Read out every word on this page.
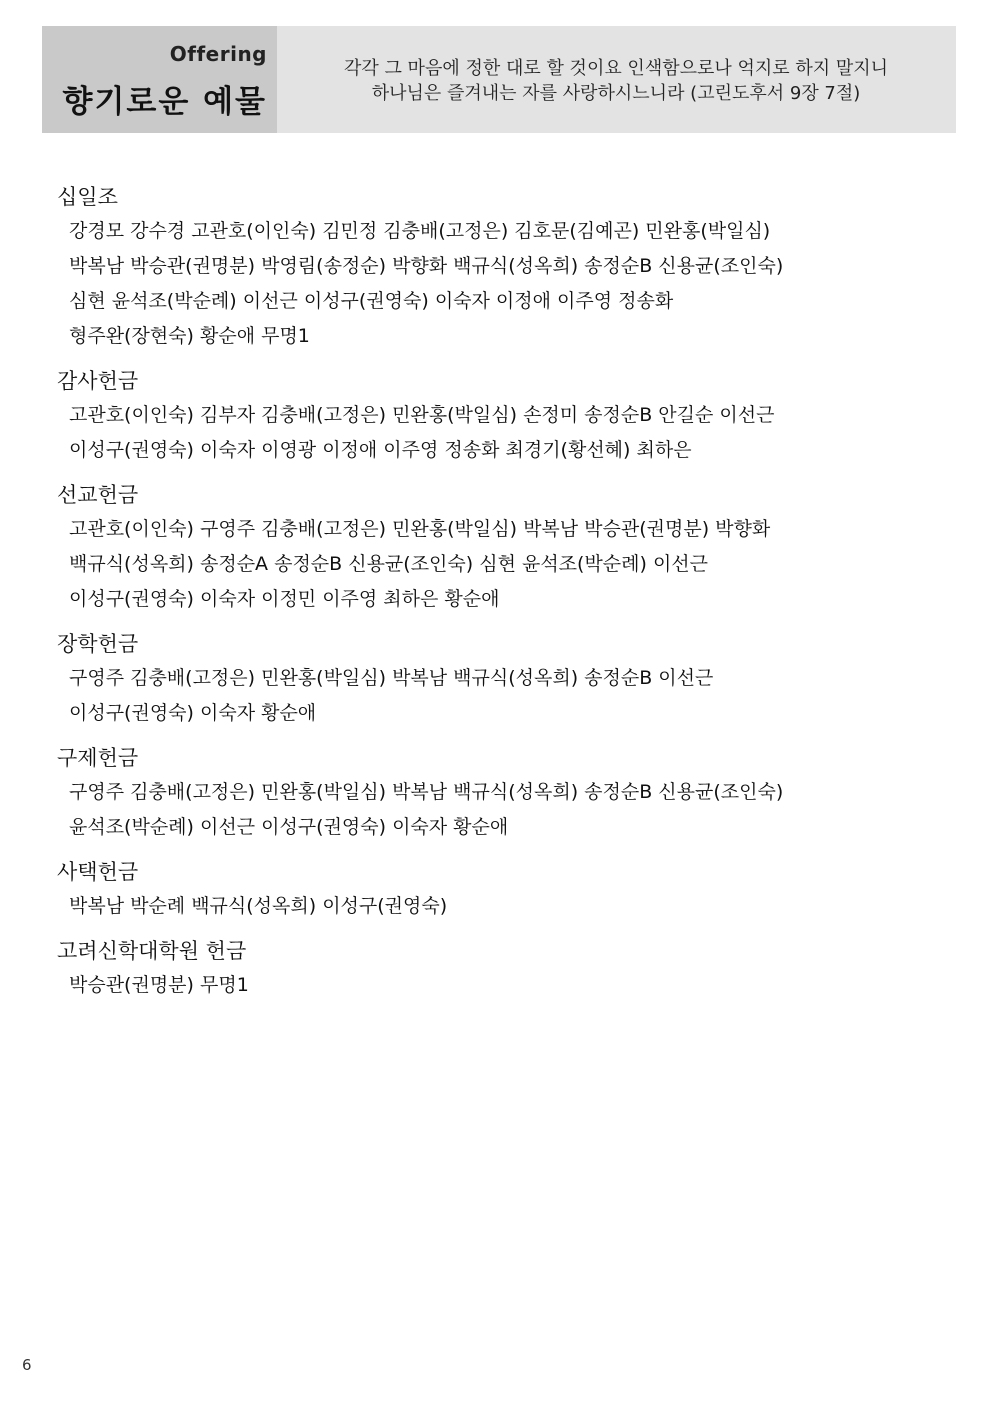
Offering
향기로운 예물
각각 그 마음에 정한 대로 할 것이요 인색함으로나 억지로 하지 말지니
하나님은 즐겨내는 자를 사랑하시느니라 (고린도후서 9장 7절)
십일조
강경모 강수경 고관호(이인숙) 김민정 김충배(고정은) 김호문(김예곤) 민완홍(박일심)
박복남 박승관(권명분) 박영림(송정순) 박향화 백규식(성옥희) 송정순B 신용균(조인숙)
심현 윤석조(박순례) 이선근 이성구(권영숙) 이숙자 이정애 이주영 정송화
형주완(장현숙) 황순애 무명1
감사헌금
고관호(이인숙) 김부자 김충배(고정은) 민완홍(박일심) 손정미 송정순B 안길순 이선근
이성구(권영숙) 이숙자 이영광 이정애 이주영 정송화 최경기(황선혜) 최하은
선교헌금
고관호(이인숙) 구영주 김충배(고정은) 민완홍(박일심) 박복남 박승관(권명분) 박향화
백규식(성옥희) 송정순A 송정순B 신용균(조인숙) 심현 윤석조(박순례) 이선근
이성구(권영숙) 이숙자 이정민 이주영 최하은 황순애
장학헌금
구영주 김충배(고정은) 민완홍(박일심) 박복남 백규식(성옥희) 송정순B 이선근
이성구(권영숙) 이숙자 황순애
구제헌금
구영주 김충배(고정은) 민완홍(박일심) 박복남 백규식(성옥희) 송정순B 신용균(조인숙)
윤석조(박순례) 이선근 이성구(권영숙) 이숙자 황순애
사택헌금
박복남 박순례 백규식(성옥희) 이성구(권영숙)
고려신학대학원 헌금
박승관(권명분) 무명1
6
